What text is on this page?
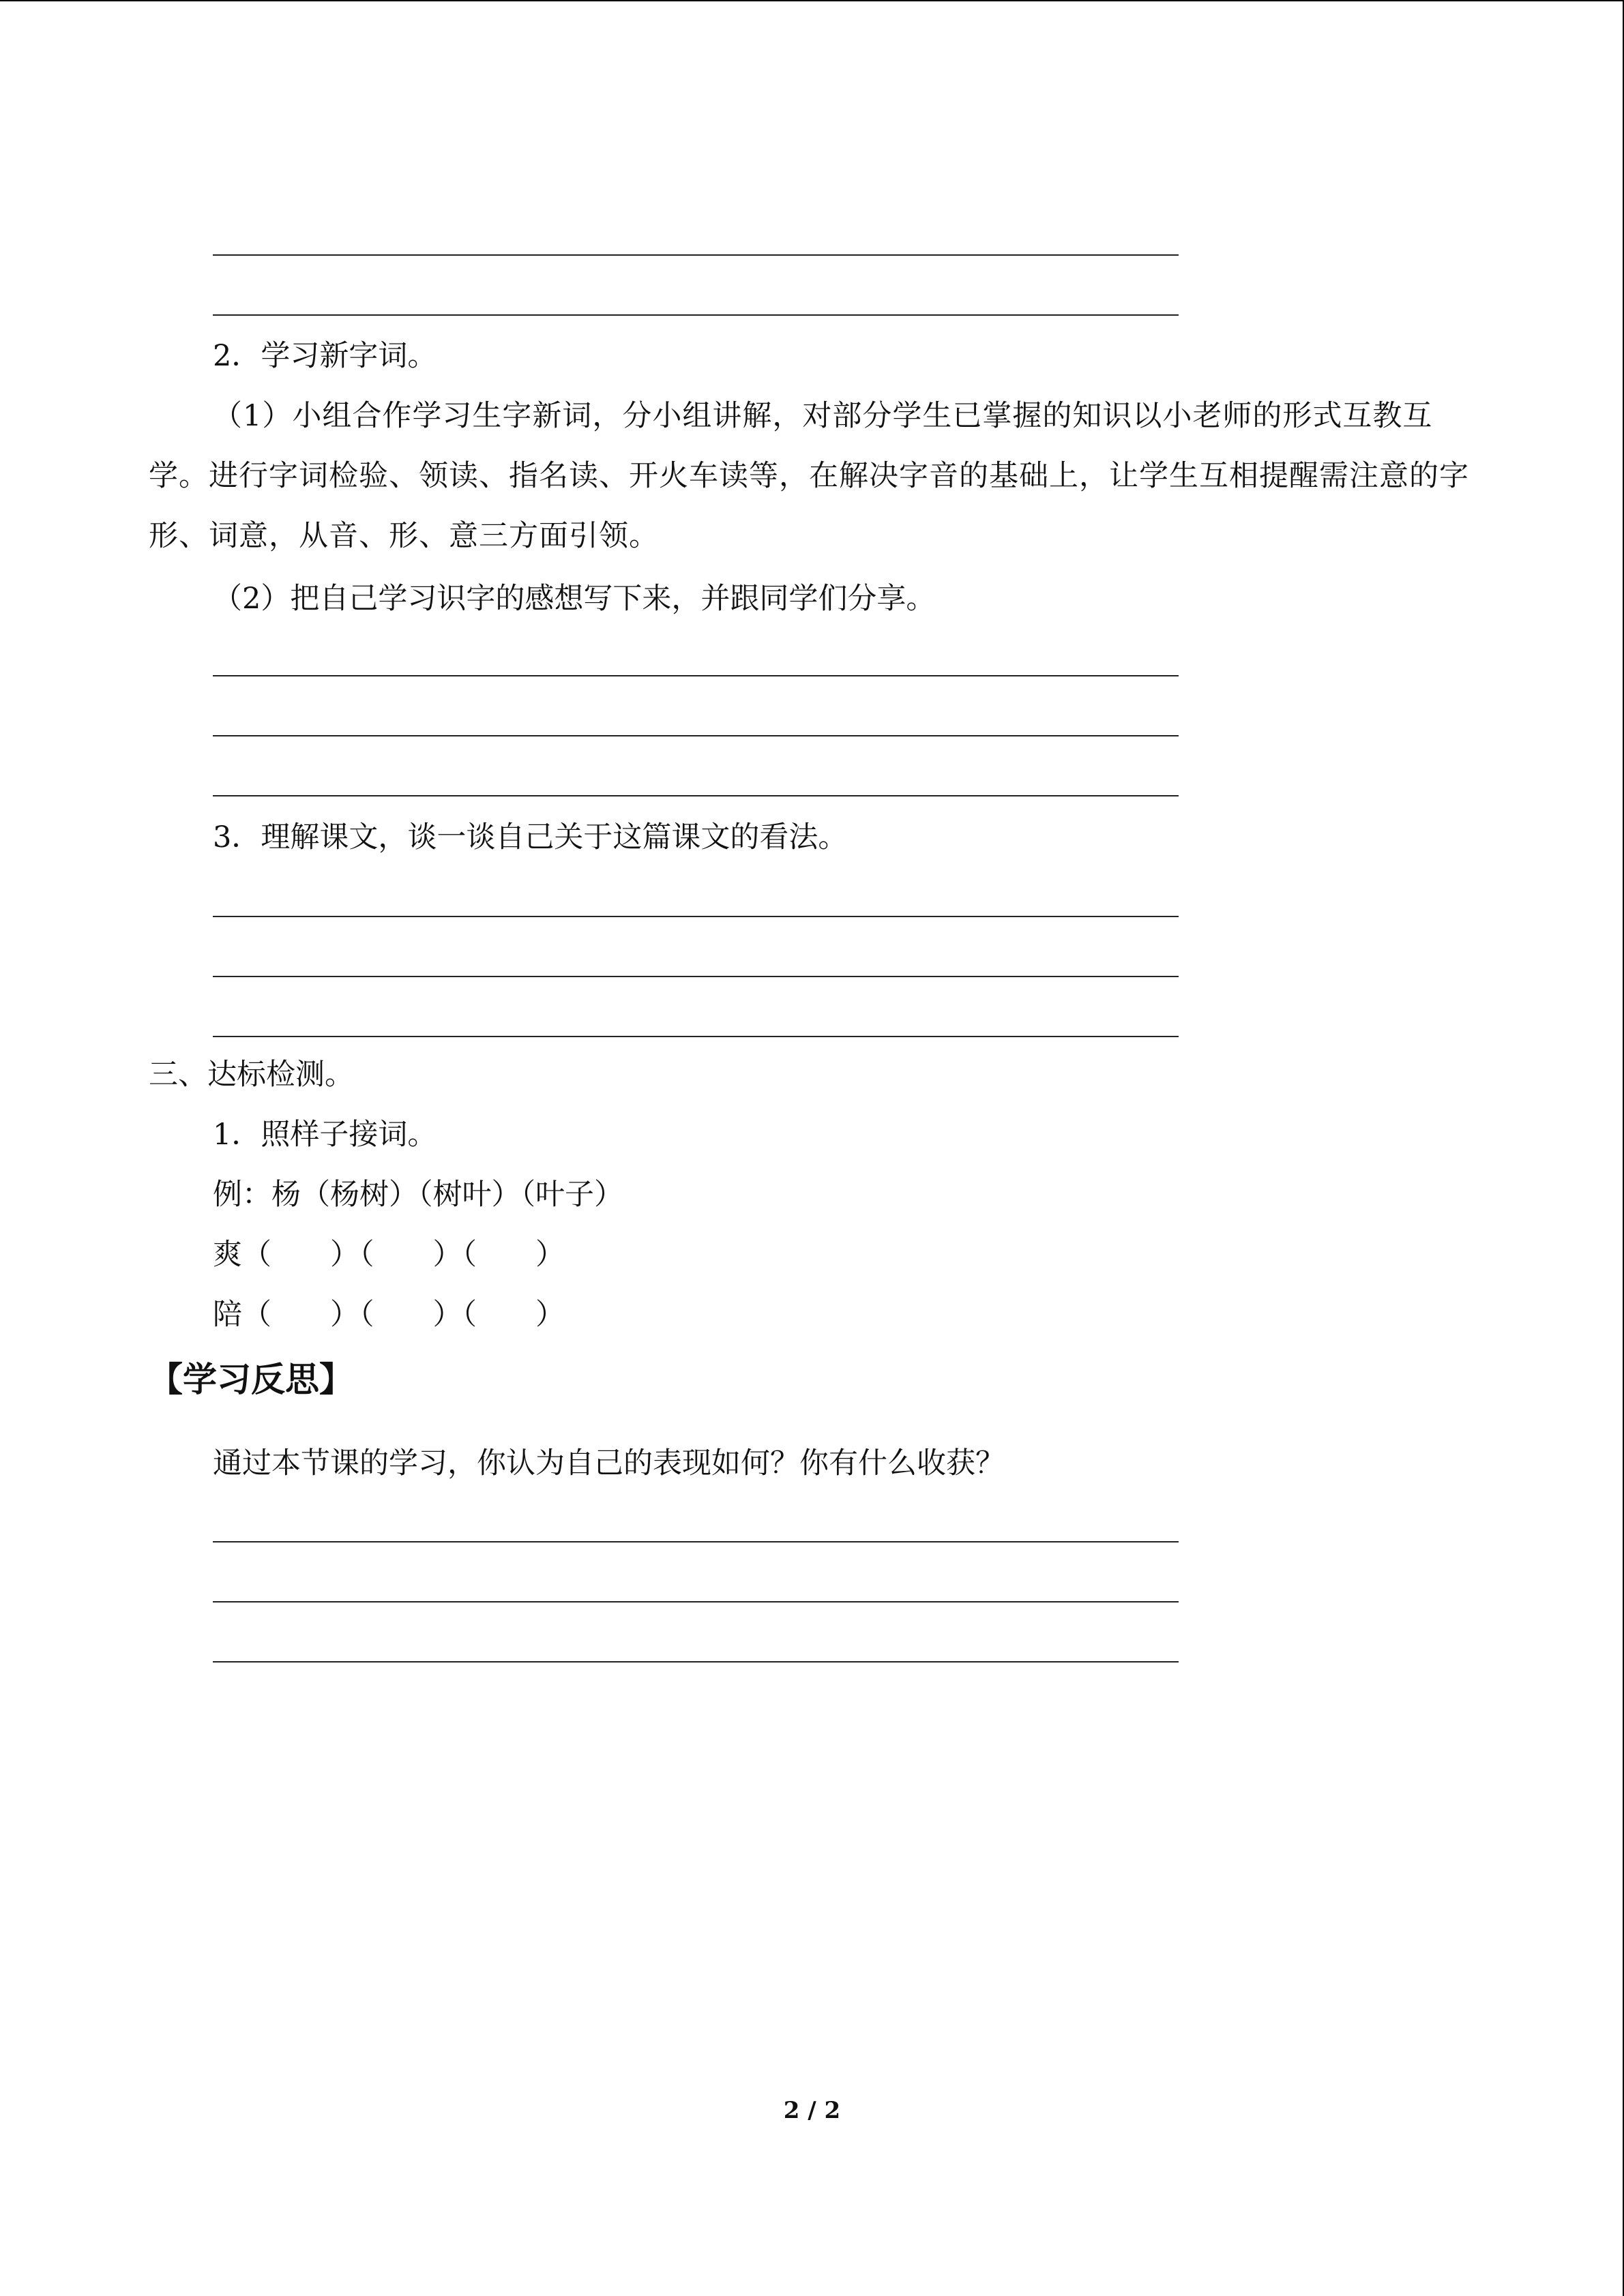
2．学习新字词。
（1）小组合作学习生字新词，分小组讲解，对部分学生已掌握的知识以小老师的形式互教互学。进行字词检验、领读、指名读、开火车读等，在解决字音的基础上，让学生互相提醒需注意的字形、词意，从音、形、意三方面引领。
（2）把自己学习识字的感想写下来，并跟同学们分享。
3．理解课文，谈一谈自己关于这篇课文的看法。
三、达标检测。
1．照样子接词。
例：杨（杨树）（树叶）（叶子）
爽（　　）（　　）（　　）
陪（　　）（　　）（　　）
【学习反思】
通过本节课的学习，你认为自己的表现如何？你有什么收获？
2 / 2
